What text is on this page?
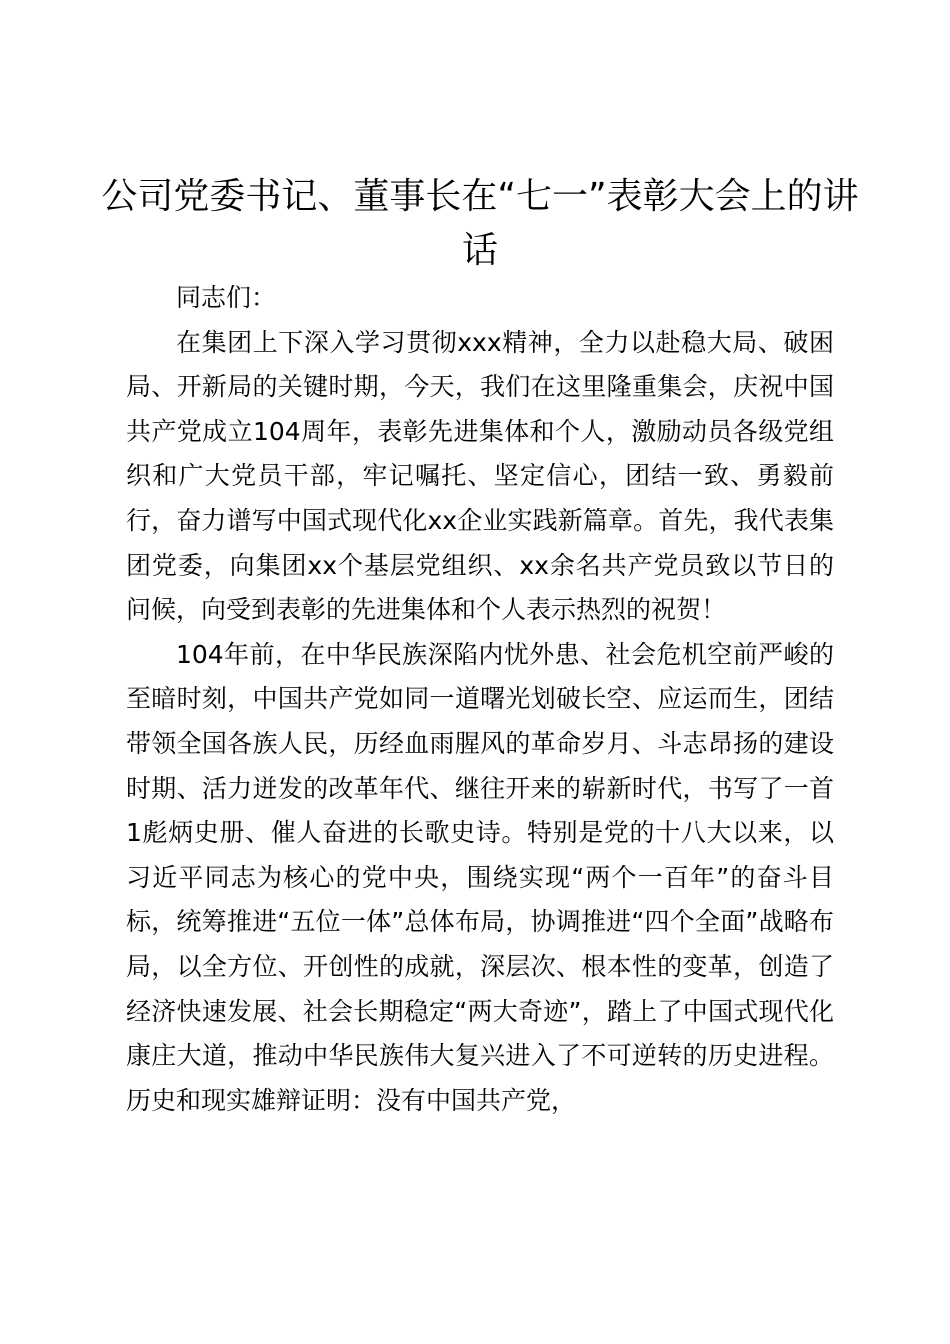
公司党委书记、董事长在“七一”表彰大会上的讲话

同志们：

在集团上下深入学习贯彻xxx精神，全力以赴稳大局、破困局、开新局的关键时期，今天，我们在这里隆重集会，庆祝中国共产党成立104周年，表彰先进集体和个人，激励动员各级党组织和广大党员干部，牢记嘱托、坚定信心，团结一致、勇毅前行，奋力谱写中国式现代化xx企业实践新篇章。首先，我代表集团党委，向集团xx个基层党组织、xx余名共产党员致以节日的问候，向受到表彰的先进集体和个人表示热烈的祝贺！

104年前，在中华民族深陷内忧外患、社会危机空前严峻的至暗时刻，中国共产党如同一道曙光划破长空、应运而生，团结带领全国各族人民，历经血雨腥风的革命岁月、斗志昂扬的建设时期、活力迸发的改革年代、继往开来的崭新时代，书写了一首1彪炳史册、催人奋进的长歌史诗。特别是党的十八大以来，以习近平同志为核心的党中央，围绕实现“两个一百年”的奋斗目标，统筹推进“五位一体”总体布局，协调推进“四个全面”战略布局，以全方位、开创性的成就，深层次、根本性的变革，创造了经济快速发展、社会长期稳定“两大奇迹”，踏上了中国式现代化康庄大道，推动中华民族伟大复兴进入了不可逆转的历史进程。历史和现实雄辩证明：没有中国共产党，
